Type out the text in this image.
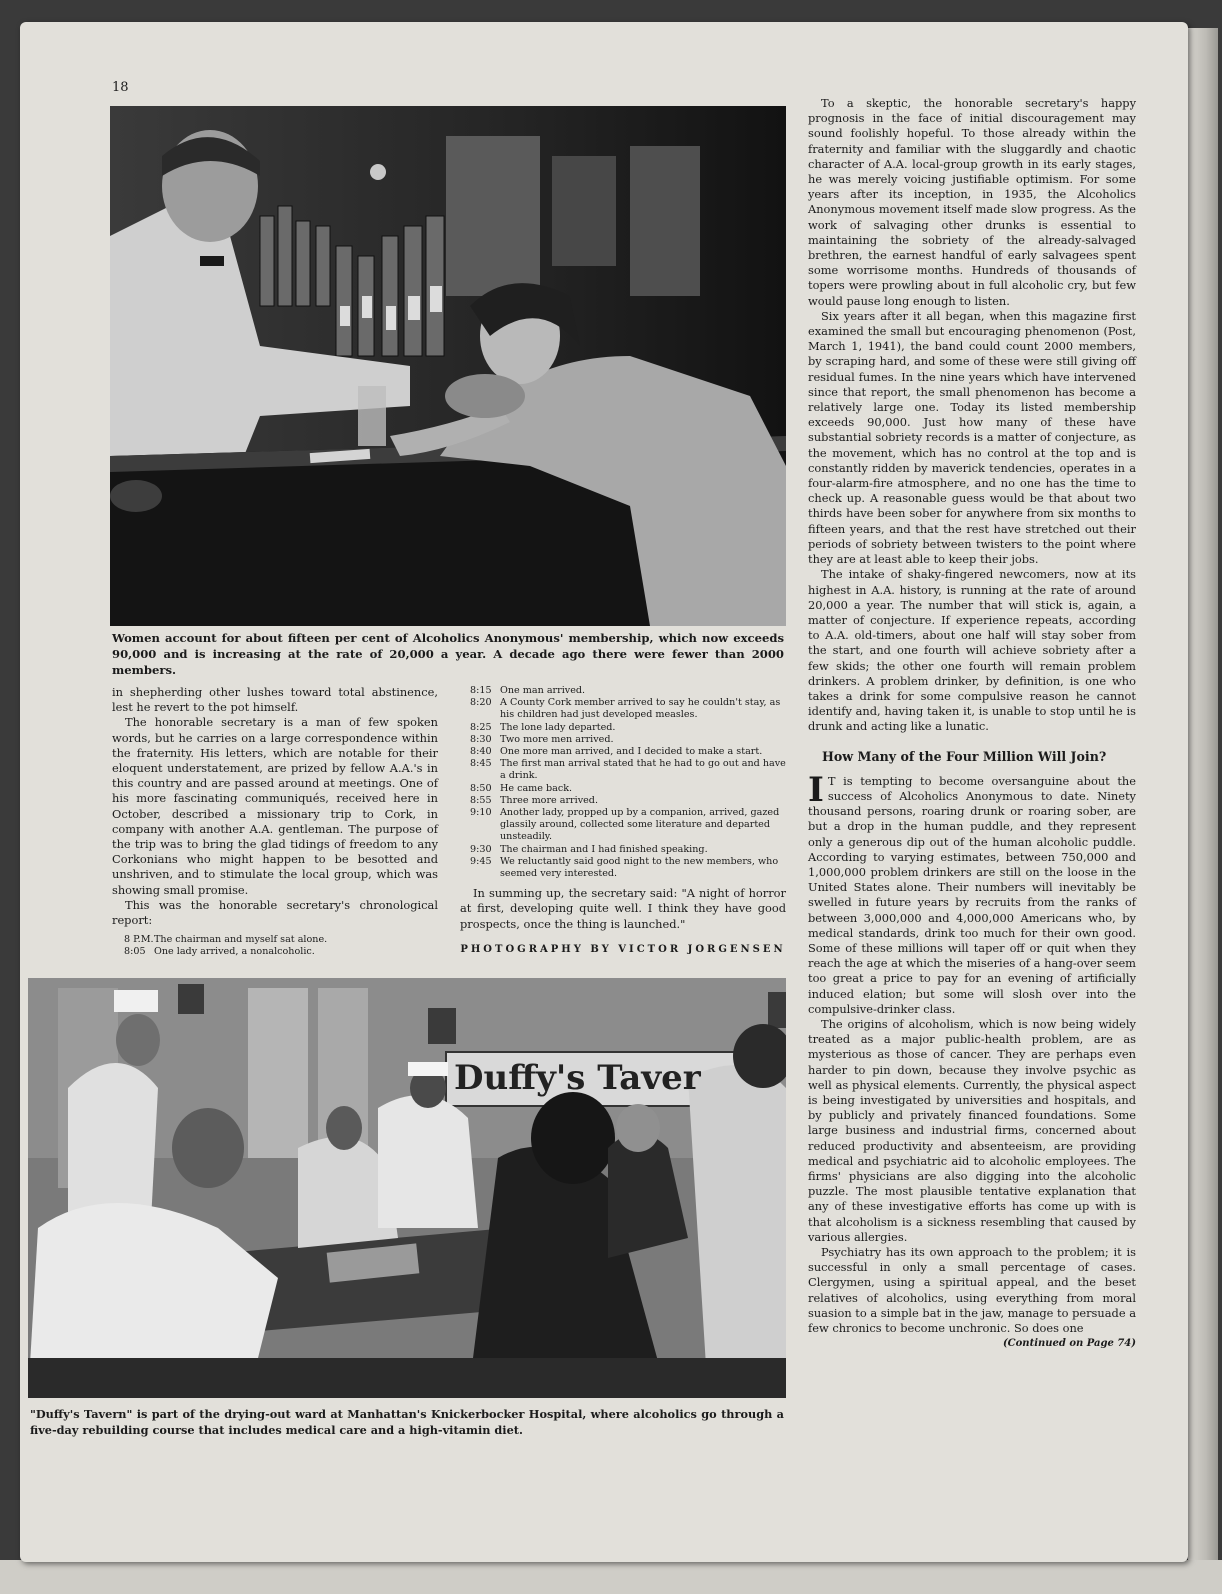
18
Women account for about fifteen per cent of Alcoholics Anonymous' membership, which now exceeds 90,000 and is increasing at the rate of 20,000 a year. A decade ago there were fewer than 2000 members.

in shepherding other lushes toward total abstinence, lest he revert to the pot himself.

The honorable secretary is a man of few spoken words, but he carries on a large correspondence within the fraternity. His letters, which are notable for their eloquent understatement, are prized by fellow A.A.'s in this country and are passed around at meetings. One of his more fascinating communiqués, received here in October, described a missionary trip to Cork, in company with another A.A. gentleman. The purpose of the trip was to bring the glad tidings of freedom to any Corkonians who might happen to be besotted and unshriven, and to stimulate the local group, which was showing small promise.

This was the honorable secretary's chronological report:

8 P.M. The chairman and myself sat alone.
8:05 One lady arrived, a nonalcoholic.
8:15 One man arrived.
8:20 A County Cork member arrived to say he couldn't stay, as his children had just developed measles.
8:25 The lone lady departed.
8:30 Two more men arrived.
8:40 One more man arrived, and I decided to make a start.
8:45 The first man arrival stated that he had to go out and have a drink.
8:50 He came back.
8:55 Three more arrived.
9:10 Another lady, propped up by a companion, arrived, gazed glassily around, collected some literature and departed unsteadily.
9:30 The chairman and I had finished speaking.
9:45 We reluctantly said good night to the new members, who seemed very interested.

In summing up, the secretary said: "A night of horror at first, developing quite well. I think they have good prospects, once the thing is launched."

PHOTOGRAPHY BY VICTOR JORGENSEN
Duffy's Taver
"Duffy's Tavern" is part of the drying-out ward at Manhattan's Knickerbocker Hospital, where alcoholics go through a five-day rebuilding course that includes medical care and a high-vitamin diet.

To a skeptic, the honorable secretary's happy prognosis in the face of initial discouragement may sound foolishly hopeful. To those already within the fraternity and familiar with the sluggardly and chaotic character of A.A. local-group growth in its early stages, he was merely voicing justifiable optimism. For some years after its inception, in 1935, the Alcoholics Anonymous movement itself made slow progress. As the work of salvaging other drunks is essential to maintaining the sobriety of the already-salvaged brethren, the earnest handful of early salvagees spent some worrisome months. Hundreds of thousands of topers were prowling about in full alcoholic cry, but few would pause long enough to listen.

Six years after it all began, when this magazine first examined the small but encouraging phenomenon (Post, March 1, 1941), the band could count 2000 members, by scraping hard, and some of these were still giving off residual fumes. In the nine years which have intervened since that report, the small phenomenon has become a relatively large one. Today its listed membership exceeds 90,000. Just how many of these have substantial sobriety records is a matter of conjecture, as the movement, which has no control at the top and is constantly ridden by maverick tendencies, operates in a four-alarm-fire atmosphere, and no one has the time to check up. A reasonable guess would be that about two thirds have been sober for anywhere from six months to fifteen years, and that the rest have stretched out their periods of sobriety between twisters to the point where they are at least able to keep their jobs.

The intake of shaky-fingered newcomers, now at its highest in A.A. history, is running at the rate of around 20,000 a year. The number that will stick is, again, a matter of conjecture. If experience repeats, according to A.A. old-timers, about one half will stay sober from the start, and one fourth will achieve sobriety after a few skids; the other one fourth will remain problem drinkers. A problem drinker, by definition, is one who takes a drink for some compulsive reason he cannot identify and, having taken it, is unable to stop until he is drunk and acting like a lunatic.

How Many of the Four Million Will Join?

I T is tempting to become oversanguine about the success of Alcoholics Anonymous to date. Ninety thousand persons, roaring drunk or roaring sober, are but a drop in the human puddle, and they represent only a generous dip out of the human alcoholic puddle. According to varying estimates, between 750,000 and 1,000,000 problem drinkers are still on the loose in the United States alone. Their numbers will inevitably be swelled in future years by recruits from the ranks of between 3,000,000 and 4,000,000 Americans who, by medical standards, drink too much for their own good. Some of these millions will taper off or quit when they reach the age at which the miseries of a hang-over seem too great a price to pay for an evening of artificially induced elation; but some will slosh over into the compulsive-drinker class.

The origins of alcoholism, which is now being widely treated as a major public-health problem, are as mysterious as those of cancer. They are perhaps even harder to pin down, because they involve psychic as well as physical elements. Currently, the physical aspect is being investigated by universities and hospitals, and by publicly and privately financed foundations. Some large business and industrial firms, concerned about reduced productivity and absenteeism, are providing medical and psychiatric aid to alcoholic employees. The firms' physicians are also digging into the alcoholic puzzle. The most plausible tentative explanation that any of these investigative efforts has come up with is that alcoholism is a sickness resembling that caused by various allergies.

Psychiatry has its own approach to the problem; it is successful in only a small percentage of cases. Clergymen, using a spiritual appeal, and the beset relatives of alcoholics, using everything from moral suasion to a simple bat in the jaw, manage to persuade a few chronics to become unchronic. So does one
(Continued on Page 74)
